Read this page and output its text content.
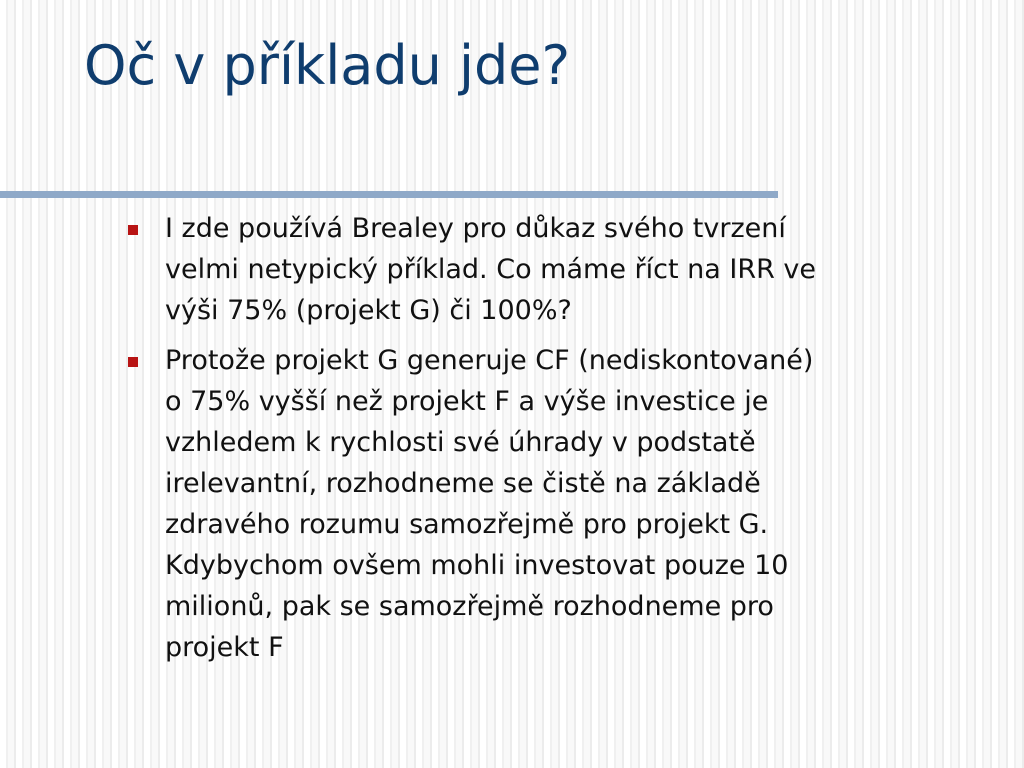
Oč v příkladu jde?
I zde používá Brealey pro důkaz svého tvrzení
velmi netypický příklad. Co máme říct na IRR ve
výši 75% (projekt G) či 100%?
Protože projekt G generuje CF (nediskontované)
o 75% vyšší než projekt F a výše investice je
vzhledem k rychlosti své úhrady v podstatě
irelevantní, rozhodneme se čistě na základě
zdravého rozumu samozřejmě pro projekt G.
Kdybychom ovšem mohli investovat pouze 10
milionů, pak se samozřejmě rozhodneme pro
projekt F
